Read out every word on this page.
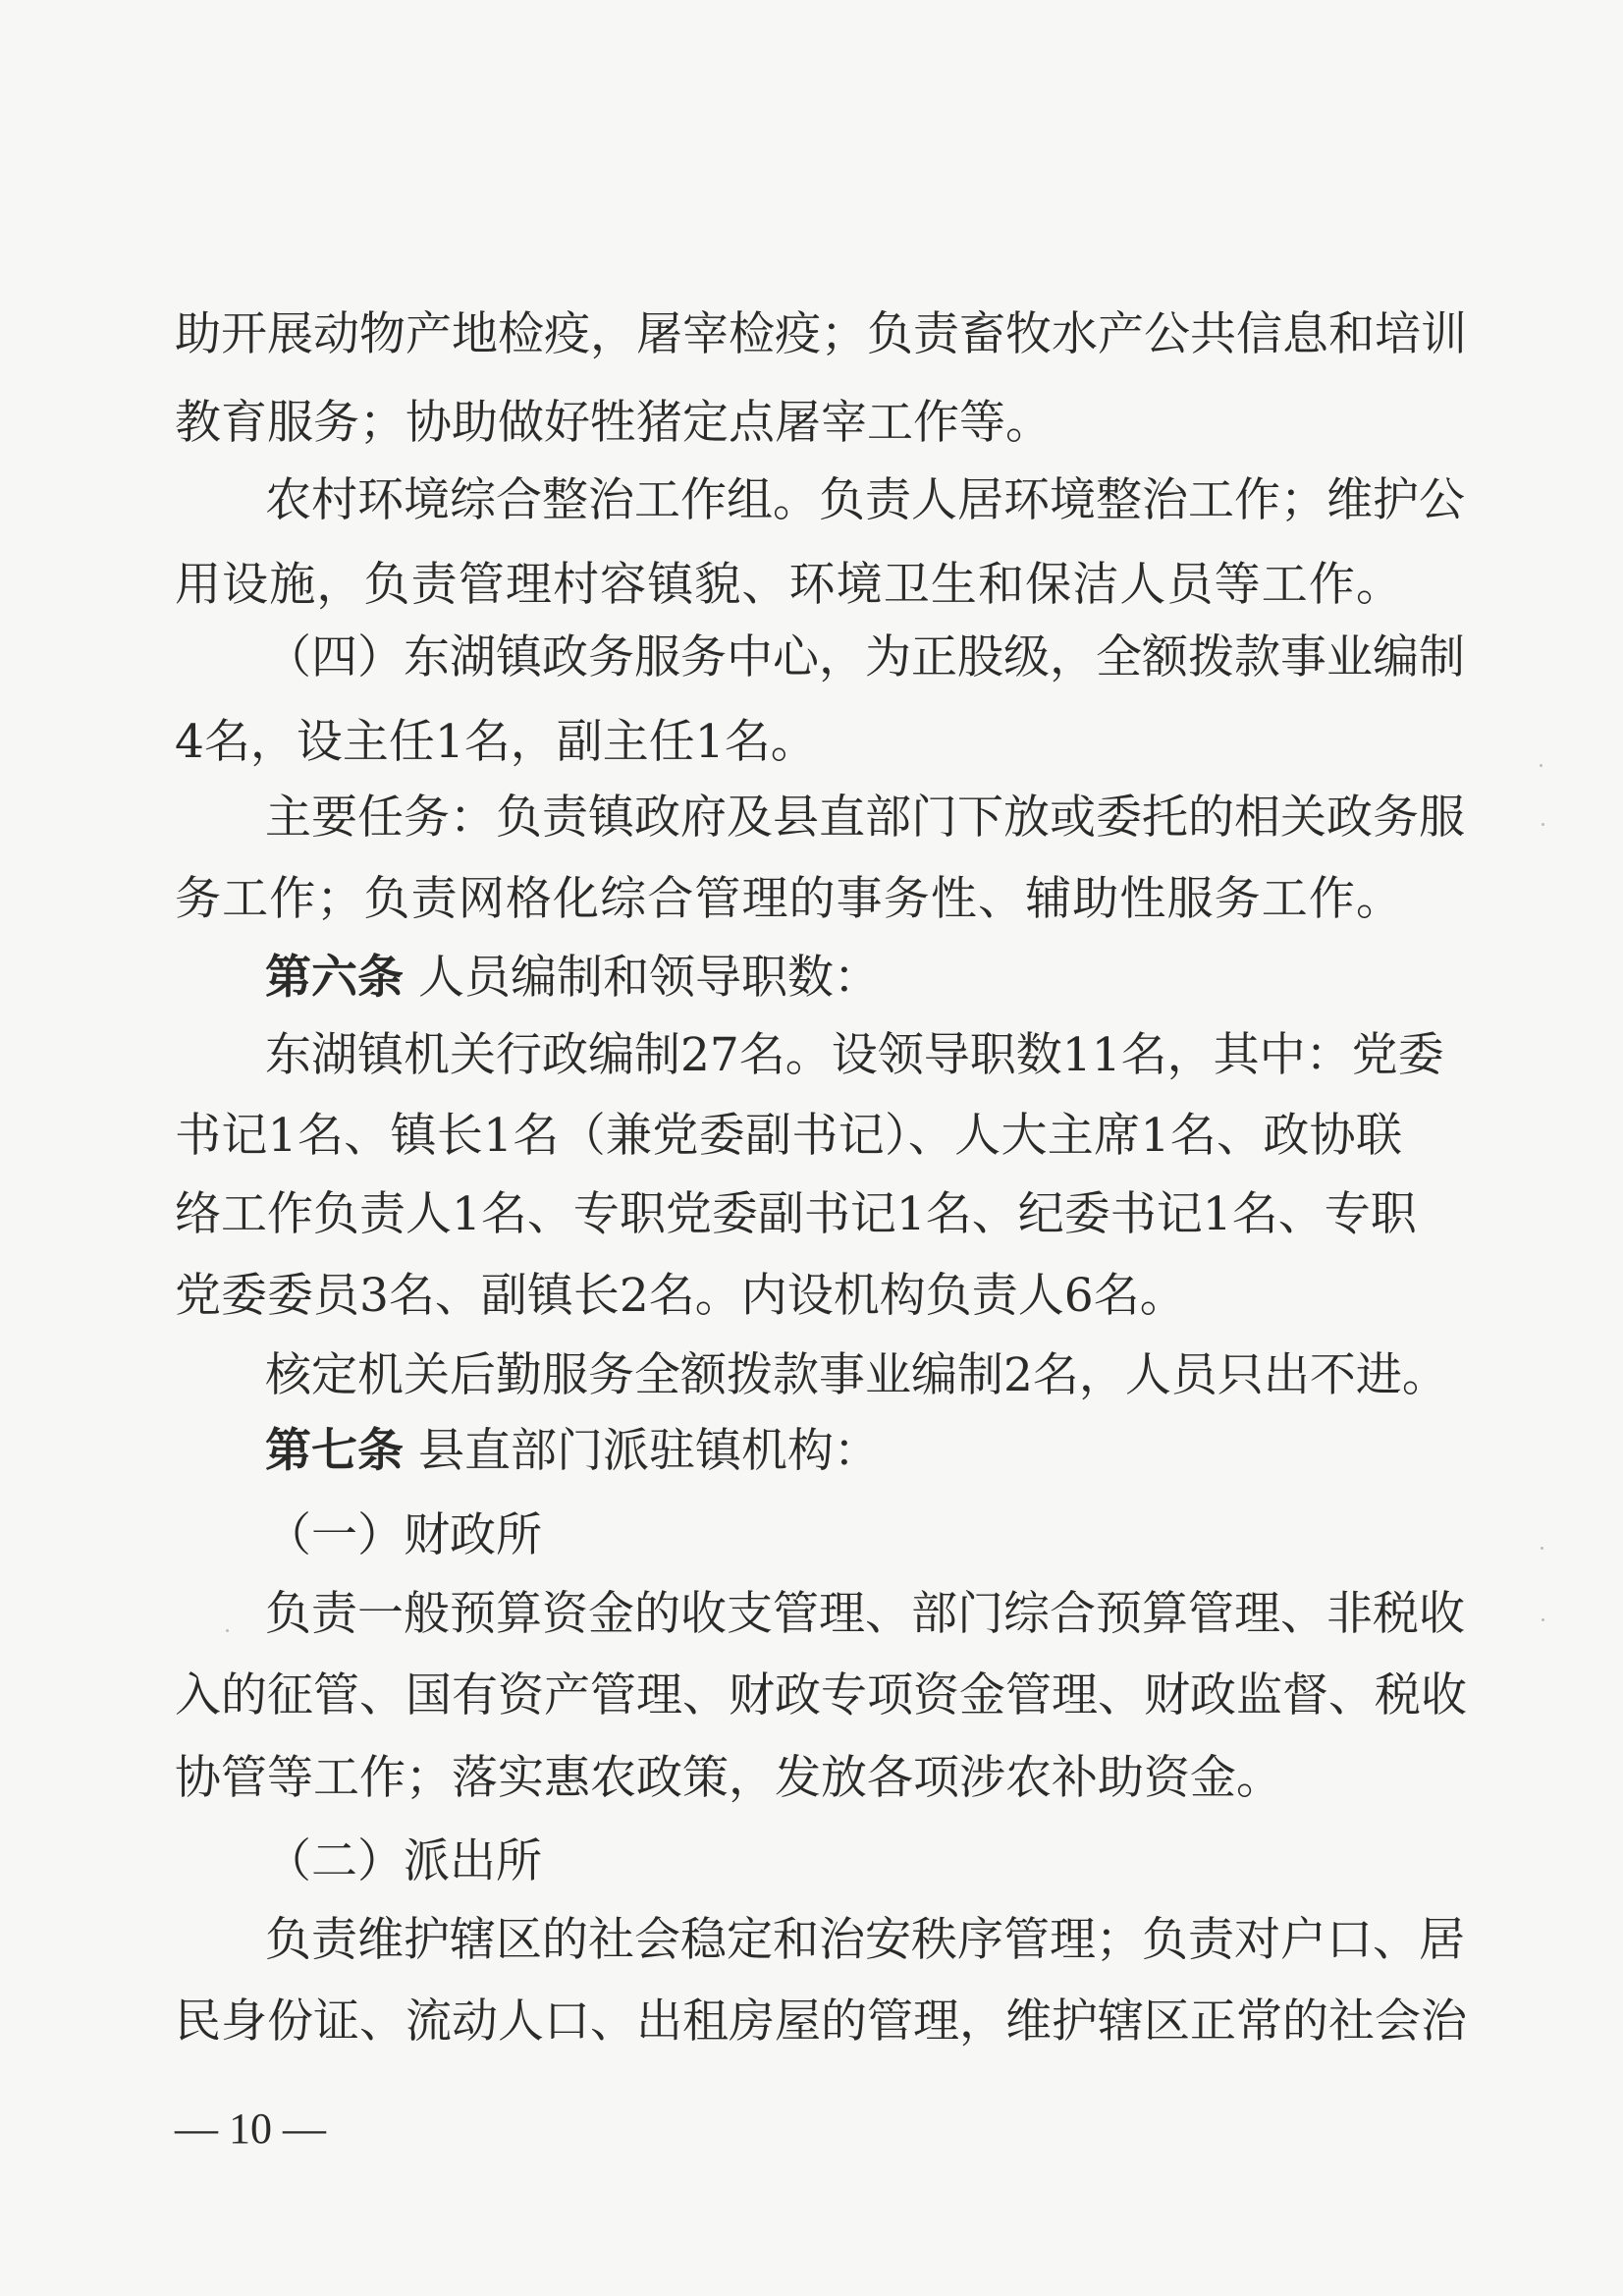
助开展动物产地检疫，屠宰检疫；负责畜牧水产公共信息和培训
教育服务；协助做好牲猪定点屠宰工作等。
农村环境综合整治工作组。负责人居环境整治工作；维护公
用设施，负责管理村容镇貌、环境卫生和保洁人员等工作。
（四）东湖镇政务服务中心，为正股级，全额拨款事业编制
4名，设主任1名，副主任1名。
主要任务：负责镇政府及县直部门下放或委托的相关政务服
务工作；负责网格化综合管理的事务性、辅助性服务工作。
第六条 人员编制和领导职数：
东湖镇机关行政编制27名。设领导职数11名，其中：党委
书记1名、镇长1名（兼党委副书记）、人大主席1名、政协联
络工作负责人1名、专职党委副书记1名、纪委书记1名、专职
党委委员3名、副镇长2名。内设机构负责人6名。
核定机关后勤服务全额拨款事业编制2名，人员只出不进。
第七条 县直部门派驻镇机构：
（一）财政所
负责一般预算资金的收支管理、部门综合预算管理、非税收
入的征管、国有资产管理、财政专项资金管理、财政监督、税收
协管等工作；落实惠农政策，发放各项涉农补助资金。
（二）派出所
负责维护辖区的社会稳定和治安秩序管理；负责对户口、居
民身份证、流动人口、出租房屋的管理，维护辖区正常的社会治
— 10 —
